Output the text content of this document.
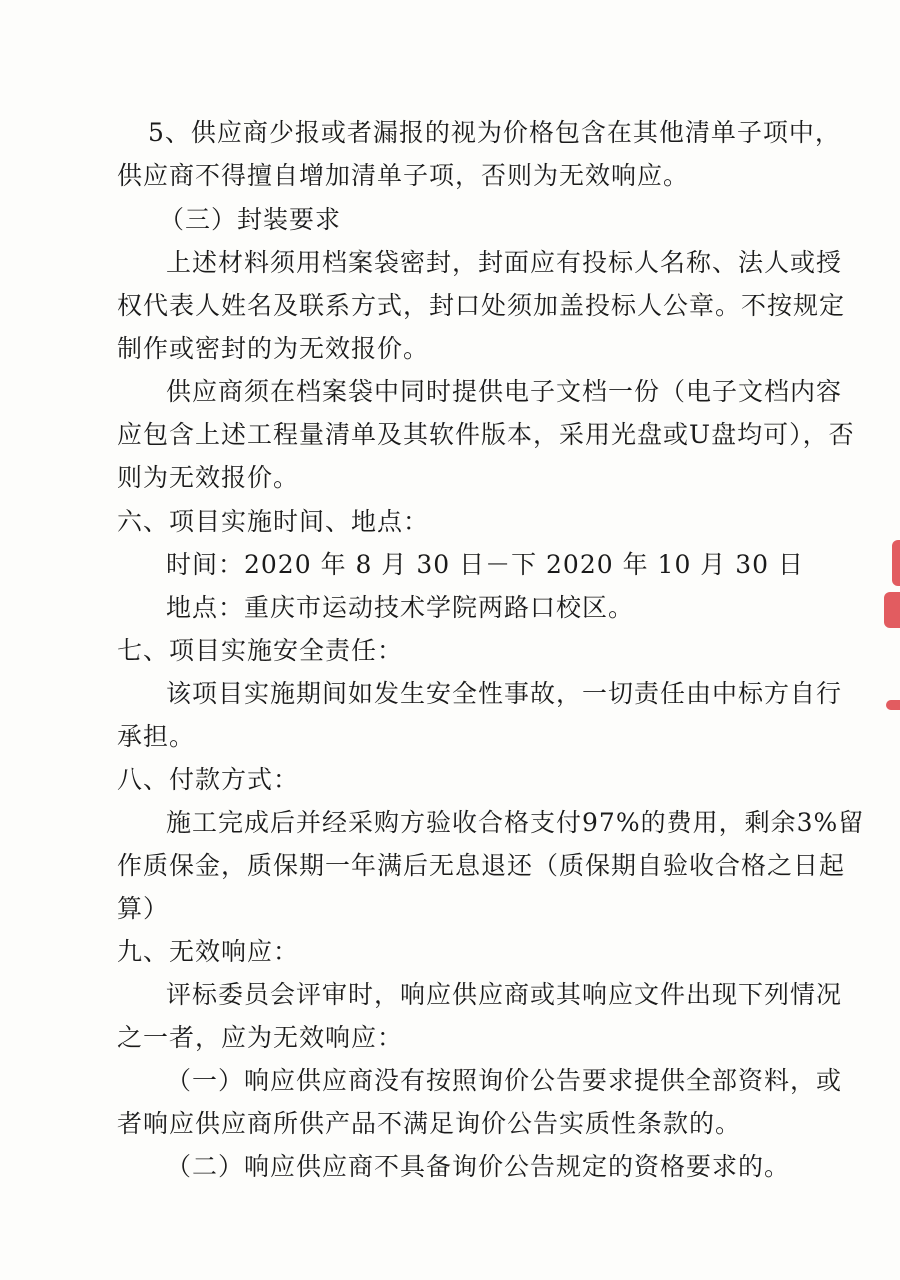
5、供应商少报或者漏报的视为价格包含在其他清单子项中，
供应商不得擅自增加清单子项，否则为无效响应。
（三）封装要求
上述材料须用档案袋密封，封面应有投标人名称、法人或授
权代表人姓名及联系方式，封口处须加盖投标人公章。不按规定
制作或密封的为无效报价。
供应商须在档案袋中同时提供电子文档一份（电子文档内容
应包含上述工程量清单及其软件版本，采用光盘或U盘均可），否
则为无效报价。
六、项目实施时间、地点：
时间：2020 年 8 月 30 日－下 2020 年 10 月 30 日
地点：重庆市运动技术学院两路口校区。
七、项目实施安全责任：
该项目实施期间如发生安全性事故，一切责任由中标方自行
承担。
八、付款方式：
施工完成后并经采购方验收合格支付97%的费用，剩余3%留
作质保金，质保期一年满后无息退还（质保期自验收合格之日起
算）
九、无效响应：
评标委员会评审时，响应供应商或其响应文件出现下列情况
之一者，应为无效响应：
（一）响应供应商没有按照询价公告要求提供全部资料，或
者响应供应商所供产品不满足询价公告实质性条款的。
（二）响应供应商不具备询价公告规定的资格要求的。
